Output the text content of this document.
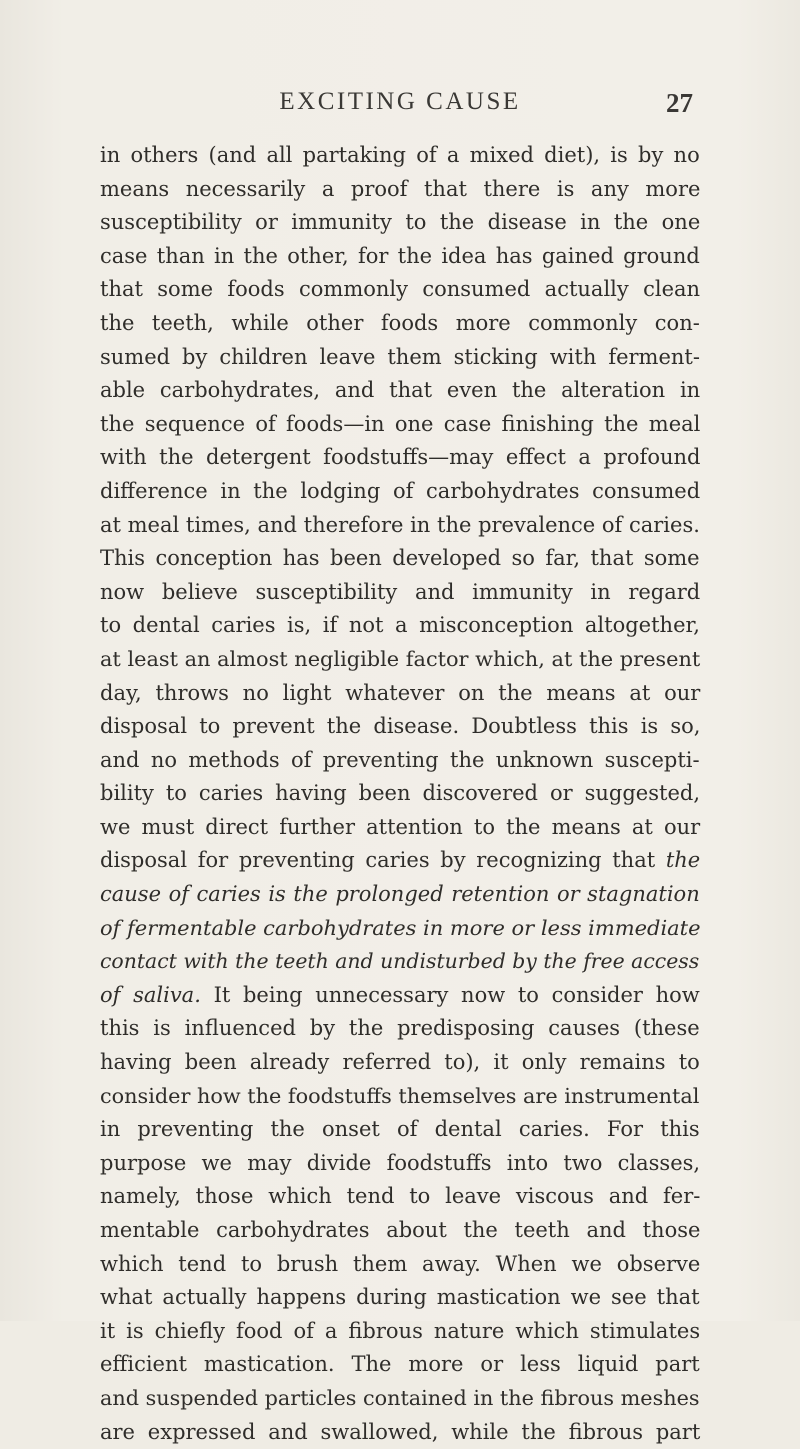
EXCITING CAUSE	27
in others (and all partaking of a mixed diet), is by no
means necessarily a proof that there is any more
susceptibility or immunity to the disease in the one
case than in the other, for the idea has gained ground
that some foods commonly consumed actually clean
the teeth, while other foods more commonly con-
sumed by children leave them sticking with ferment-
able carbohydrates, and that even the alteration in
the sequence of foods—in one case finishing the meal
with the detergent foodstuffs—may effect a profound
difference in the lodging of carbohydrates consumed
at meal times, and therefore in the prevalence of caries.
This conception has been developed so far, that some
now believe susceptibility and immunity in regard
to dental caries is, if not a misconception altogether,
at least an almost negligible factor which, at the present
day, throws no light whatever on the means at our
disposal to prevent the disease. Doubtless this is so,
and no methods of preventing the unknown suscepti-
bility to caries having been discovered or suggested,
we must direct further attention to the means at our
disposal for preventing caries by recognizing that the
cause of caries is the prolonged retention or stagnation
of fermentable carbohydrates in more or less immediate
contact with the teeth and undisturbed by the free access
of saliva. It being unnecessary now to consider how
this is influenced by the predisposing causes (these
having been already referred to), it only remains to
consider how the foodstuffs themselves are instrumental
in preventing the onset of dental caries. For this
purpose we may divide foodstuffs into two classes,
namely, those which tend to leave viscous and fer-
mentable carbohydrates about the teeth and those
which tend to brush them away. When we observe
what actually happens during mastication we see that
it is chiefly food of a fibrous nature which stimulates
efficient mastication. The more or less liquid part
and suspended particles contained in the fibrous meshes
are expressed and swallowed, while the fibrous part
